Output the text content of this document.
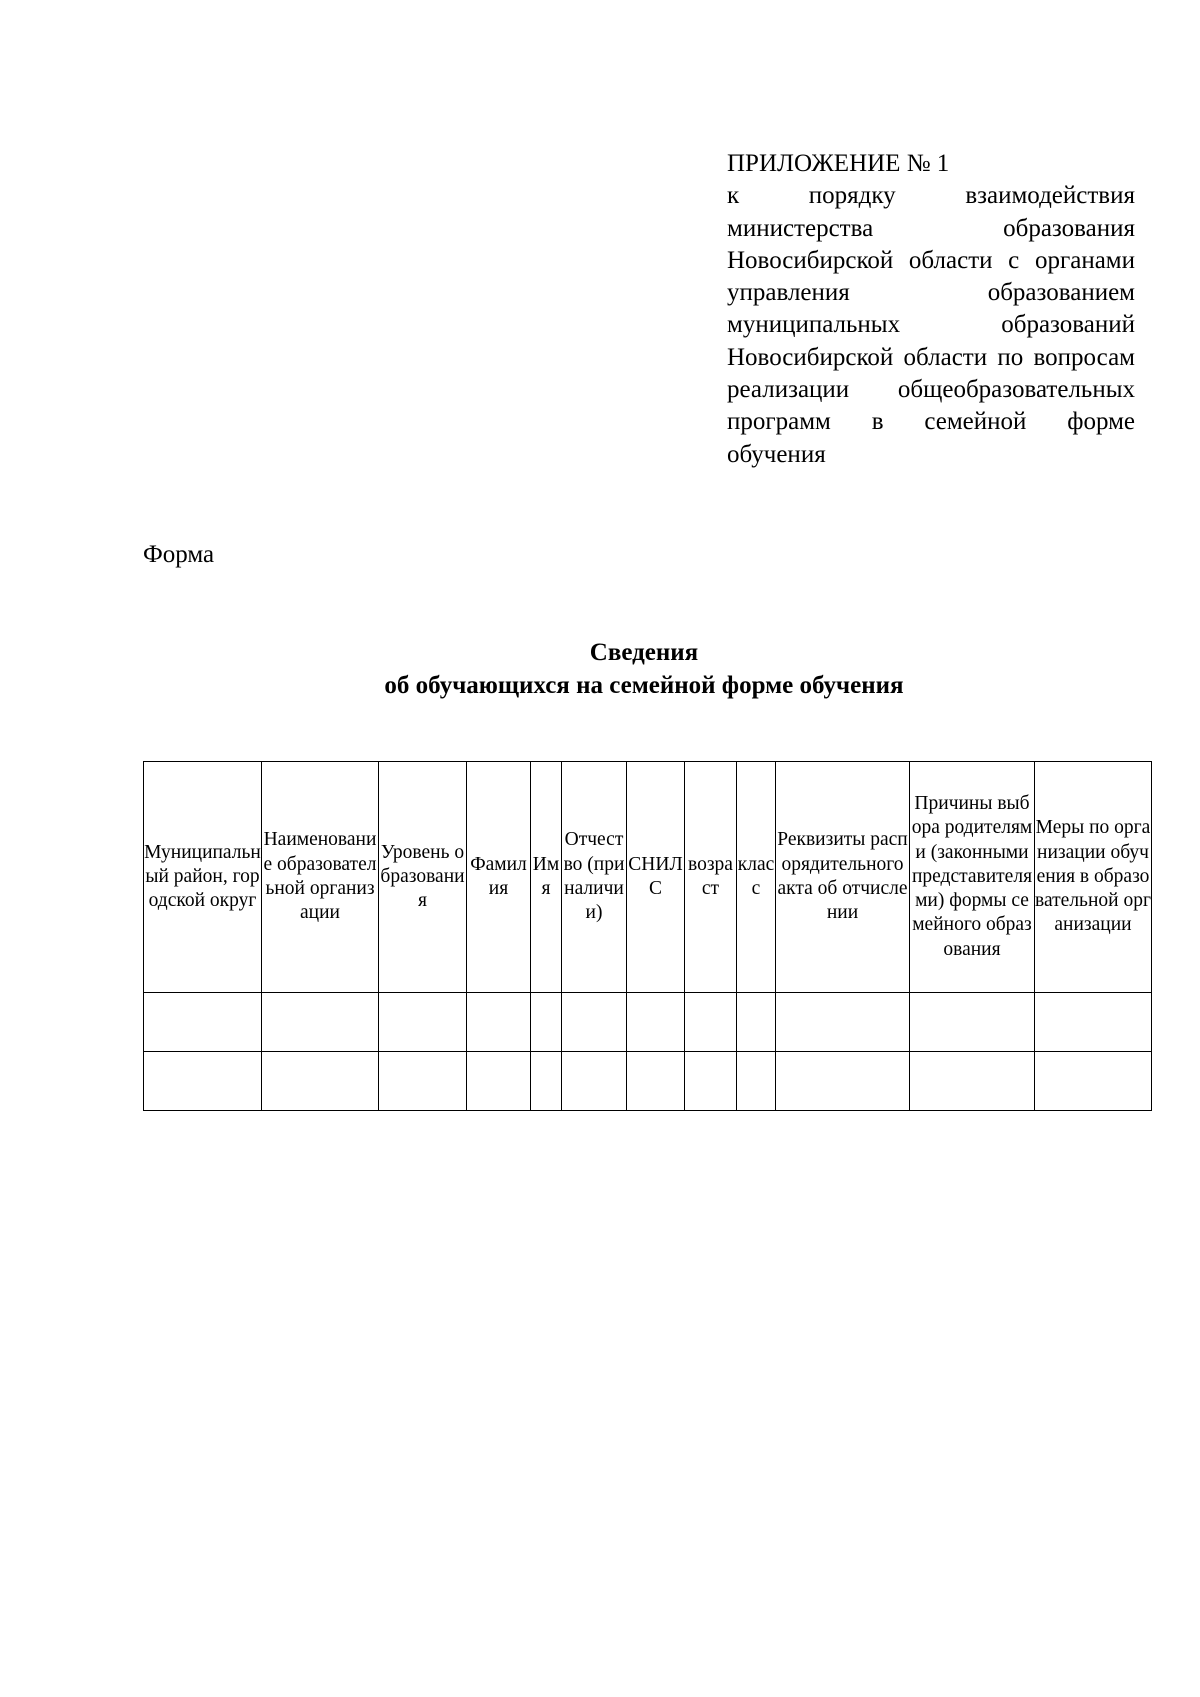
ПРИЛОЖЕНИЕ № 1
к порядку взаимодействия министерства образования Новосибирской области с органами управления образованием муниципальных образований Новосибирской области по вопросам реализации общеобразовательных программ в семейной форме обучения
Форма
Сведения
об обучающихся на семейной форме обучения
Муниципальный район, городской округ	Наименование образовательной организации	Уровень образования	Фамилия	Имя	Отчество (при наличии)	СНИЛС	возраст	класс	Реквизиты распорядительного акта об отчислении	Причины выбора родителями (законными представителями) формы семейного образования	Меры по организации обучения в образовательной организации
